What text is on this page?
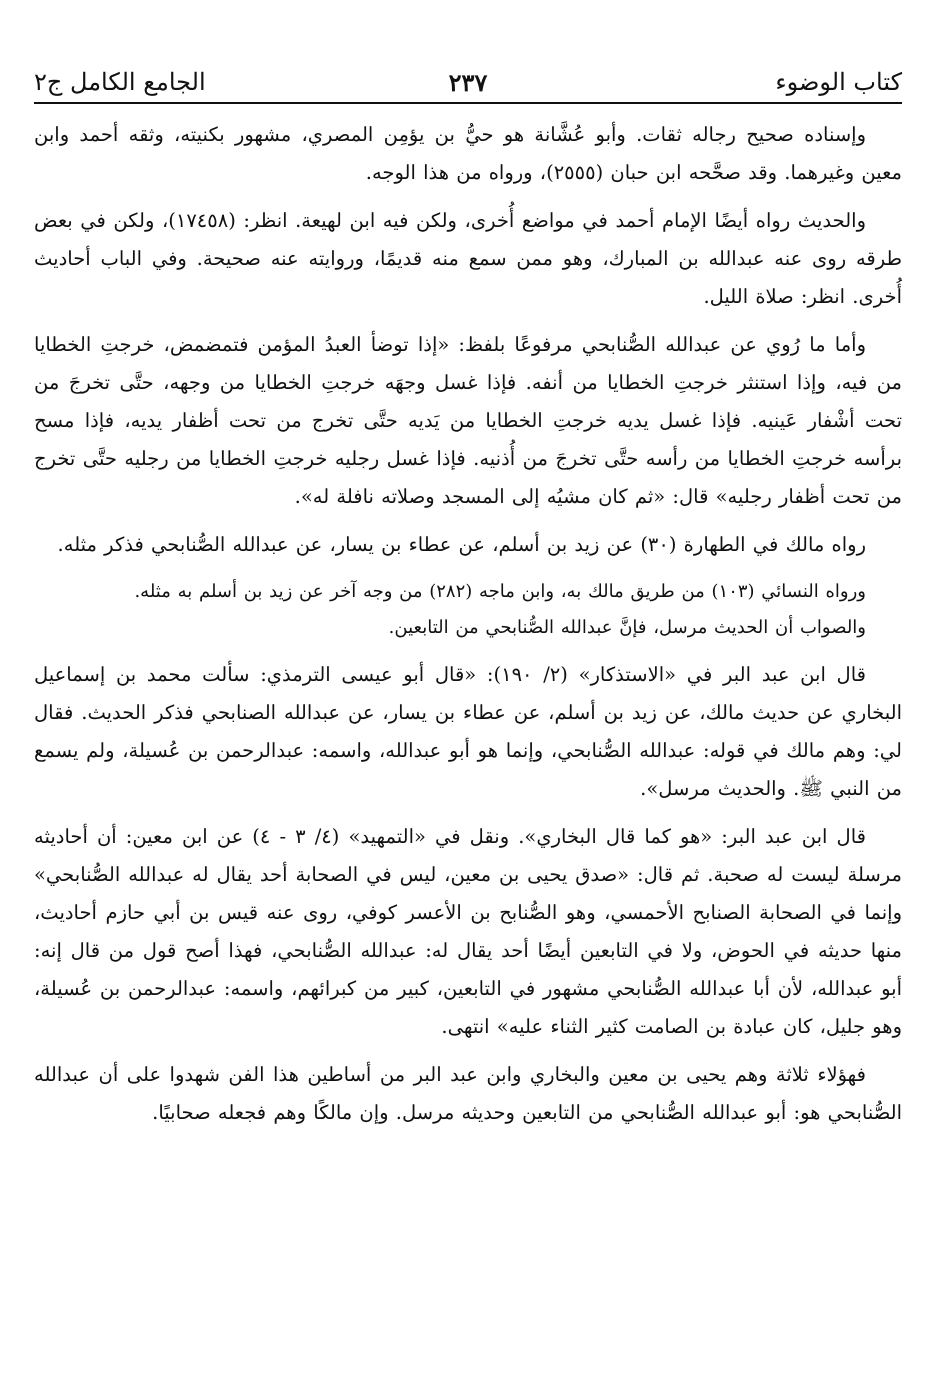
كتاب الوضوء
٢٣٧
الجامع الكامل ج٢

وإسناده صحيح رجاله ثقات. وأبو عُشَّانة هو حيُّ بن يؤمِن المصري، مشهور بكنيته، وثقه أحمد وابن معين وغيرهما. وقد صحَّحه ابن حبان (٢٥٥٥)، ورواه من هذا الوجه.

والحديث رواه أيضًا الإمام أحمد في مواضع أُخرى، ولكن فيه ابن لهيعة. انظر: (١٧٤٥٨)، ولكن في بعض طرقه روى عنه عبدالله بن المبارك، وهو ممن سمع منه قديمًا، وروايته عنه صحيحة. وفي الباب أحاديث أُخرى. انظر: صلاة الليل.

وأما ما رُوي عن عبدالله الصُّنابحي مرفوعًا بلفظ: «إذا توضأ العبدُ المؤمن فتمضمض، خرجتِ الخطايا من فيه، وإذا استنثر خرجتِ الخطايا من أنفه. فإذا غسل وجهَه خرجتِ الخطايا من وجهه، حتَّى تخرجَ من تحت أشْفار عَينيه. فإذا غسل يديه خرجتِ الخطايا من يَديه حتَّى تخرج من تحت أظفار يديه، فإذا مسح برأسه خرجتِ الخطايا من رأسه حتَّى تخرجَ من أُذنيه. فإذا غسل رجليه خرجتِ الخطايا من رجليه حتَّى تخرج من تحت أظفار رجليه» قال: «ثم كان مشيُه إلى المسجد وصلاته نافلة له».

رواه مالك في الطهارة (٣٠) عن زيد بن أسلم، عن عطاء بن يسار، عن عبدالله الصُّنابحي فذكر مثله.

ورواه النسائي (١٠٣) من طريق مالك به، وابن ماجه (٢٨٢) من وجه آخر عن زيد بن أسلم به مثله.

والصواب أن الحديث مرسل، فإنَّ عبدالله الصُّنابحي من التابعين.

قال ابن عبد البر في «الاستذكار» (٢/ ١٩٠): «قال أبو عيسى الترمذي: سألت محمد بن إسماعيل البخاري عن حديث مالك، عن زيد بن أسلم، عن عطاء بن يسار، عن عبدالله الصنابحي فذكر الحديث. فقال لي: وهم مالك في قوله: عبدالله الصُّنابحي، وإنما هو أبو عبدالله، واسمه: عبدالرحمن بن عُسيلة، ولم يسمع من النبي ﷺ. والحديث مرسل».

قال ابن عبد البر: «هو كما قال البخاري». ونقل في «التمهيد» (٤/ ٣ - ٤) عن ابن معين: أن أحاديثه مرسلة ليست له صحبة. ثم قال: «صدق يحيى بن معين، ليس في الصحابة أحد يقال له عبدالله الصُّنابحي» وإنما في الصحابة الصنابح الأحمسي، وهو الصُّنابح بن الأعسر كوفي، روى عنه قيس بن أبي حازم أحاديث، منها حديثه في الحوض، ولا في التابعين أيضًا أحد يقال له: عبدالله الصُّنابحي، فهذا أصح قول من قال إنه: أبو عبدالله، لأن أبا عبدالله الصُّنابحي مشهور في التابعين، كبير من كبرائهم، واسمه: عبدالرحمن بن عُسيلة، وهو جليل، كان عبادة بن الصامت كثير الثناء عليه» انتهى.

فهؤلاء ثلاثة وهم يحيى بن معين والبخاري وابن عبد البر من أساطين هذا الفن شهدوا على أن عبدالله الصُّنابحي هو: أبو عبدالله الصُّنابحي من التابعين وحديثه مرسل. وإن مالكًا وهم فجعله صحابيًا.
